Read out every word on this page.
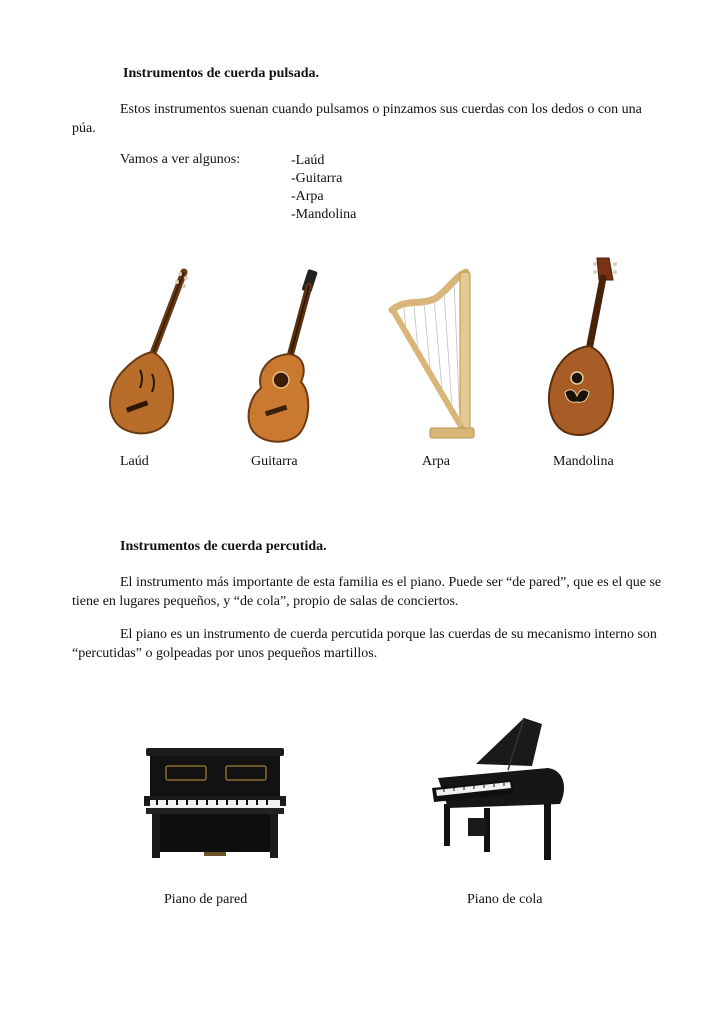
Instrumentos de cuerda pulsada.
Estos instrumentos suenan cuando pulsamos o pinzamos sus cuerdas con los dedos o con una púa.
Vamos a ver algunos:	-Laúd
-Guitarra
-Arpa
-Mandolina
Laúd	Guitarra	Arpa	Mandolina
Instrumentos de cuerda percutida.
El instrumento más importante de esta familia es el piano. Puede ser “de pared”, que es el que se tiene en lugares pequeños, y “de cola”, propio de salas de conciertos.
El piano es un instrumento de cuerda percutida porque las cuerdas de su mecanismo interno son “percutidas” o golpeadas por unos pequeños martillos.
Piano de pared	Piano de cola
